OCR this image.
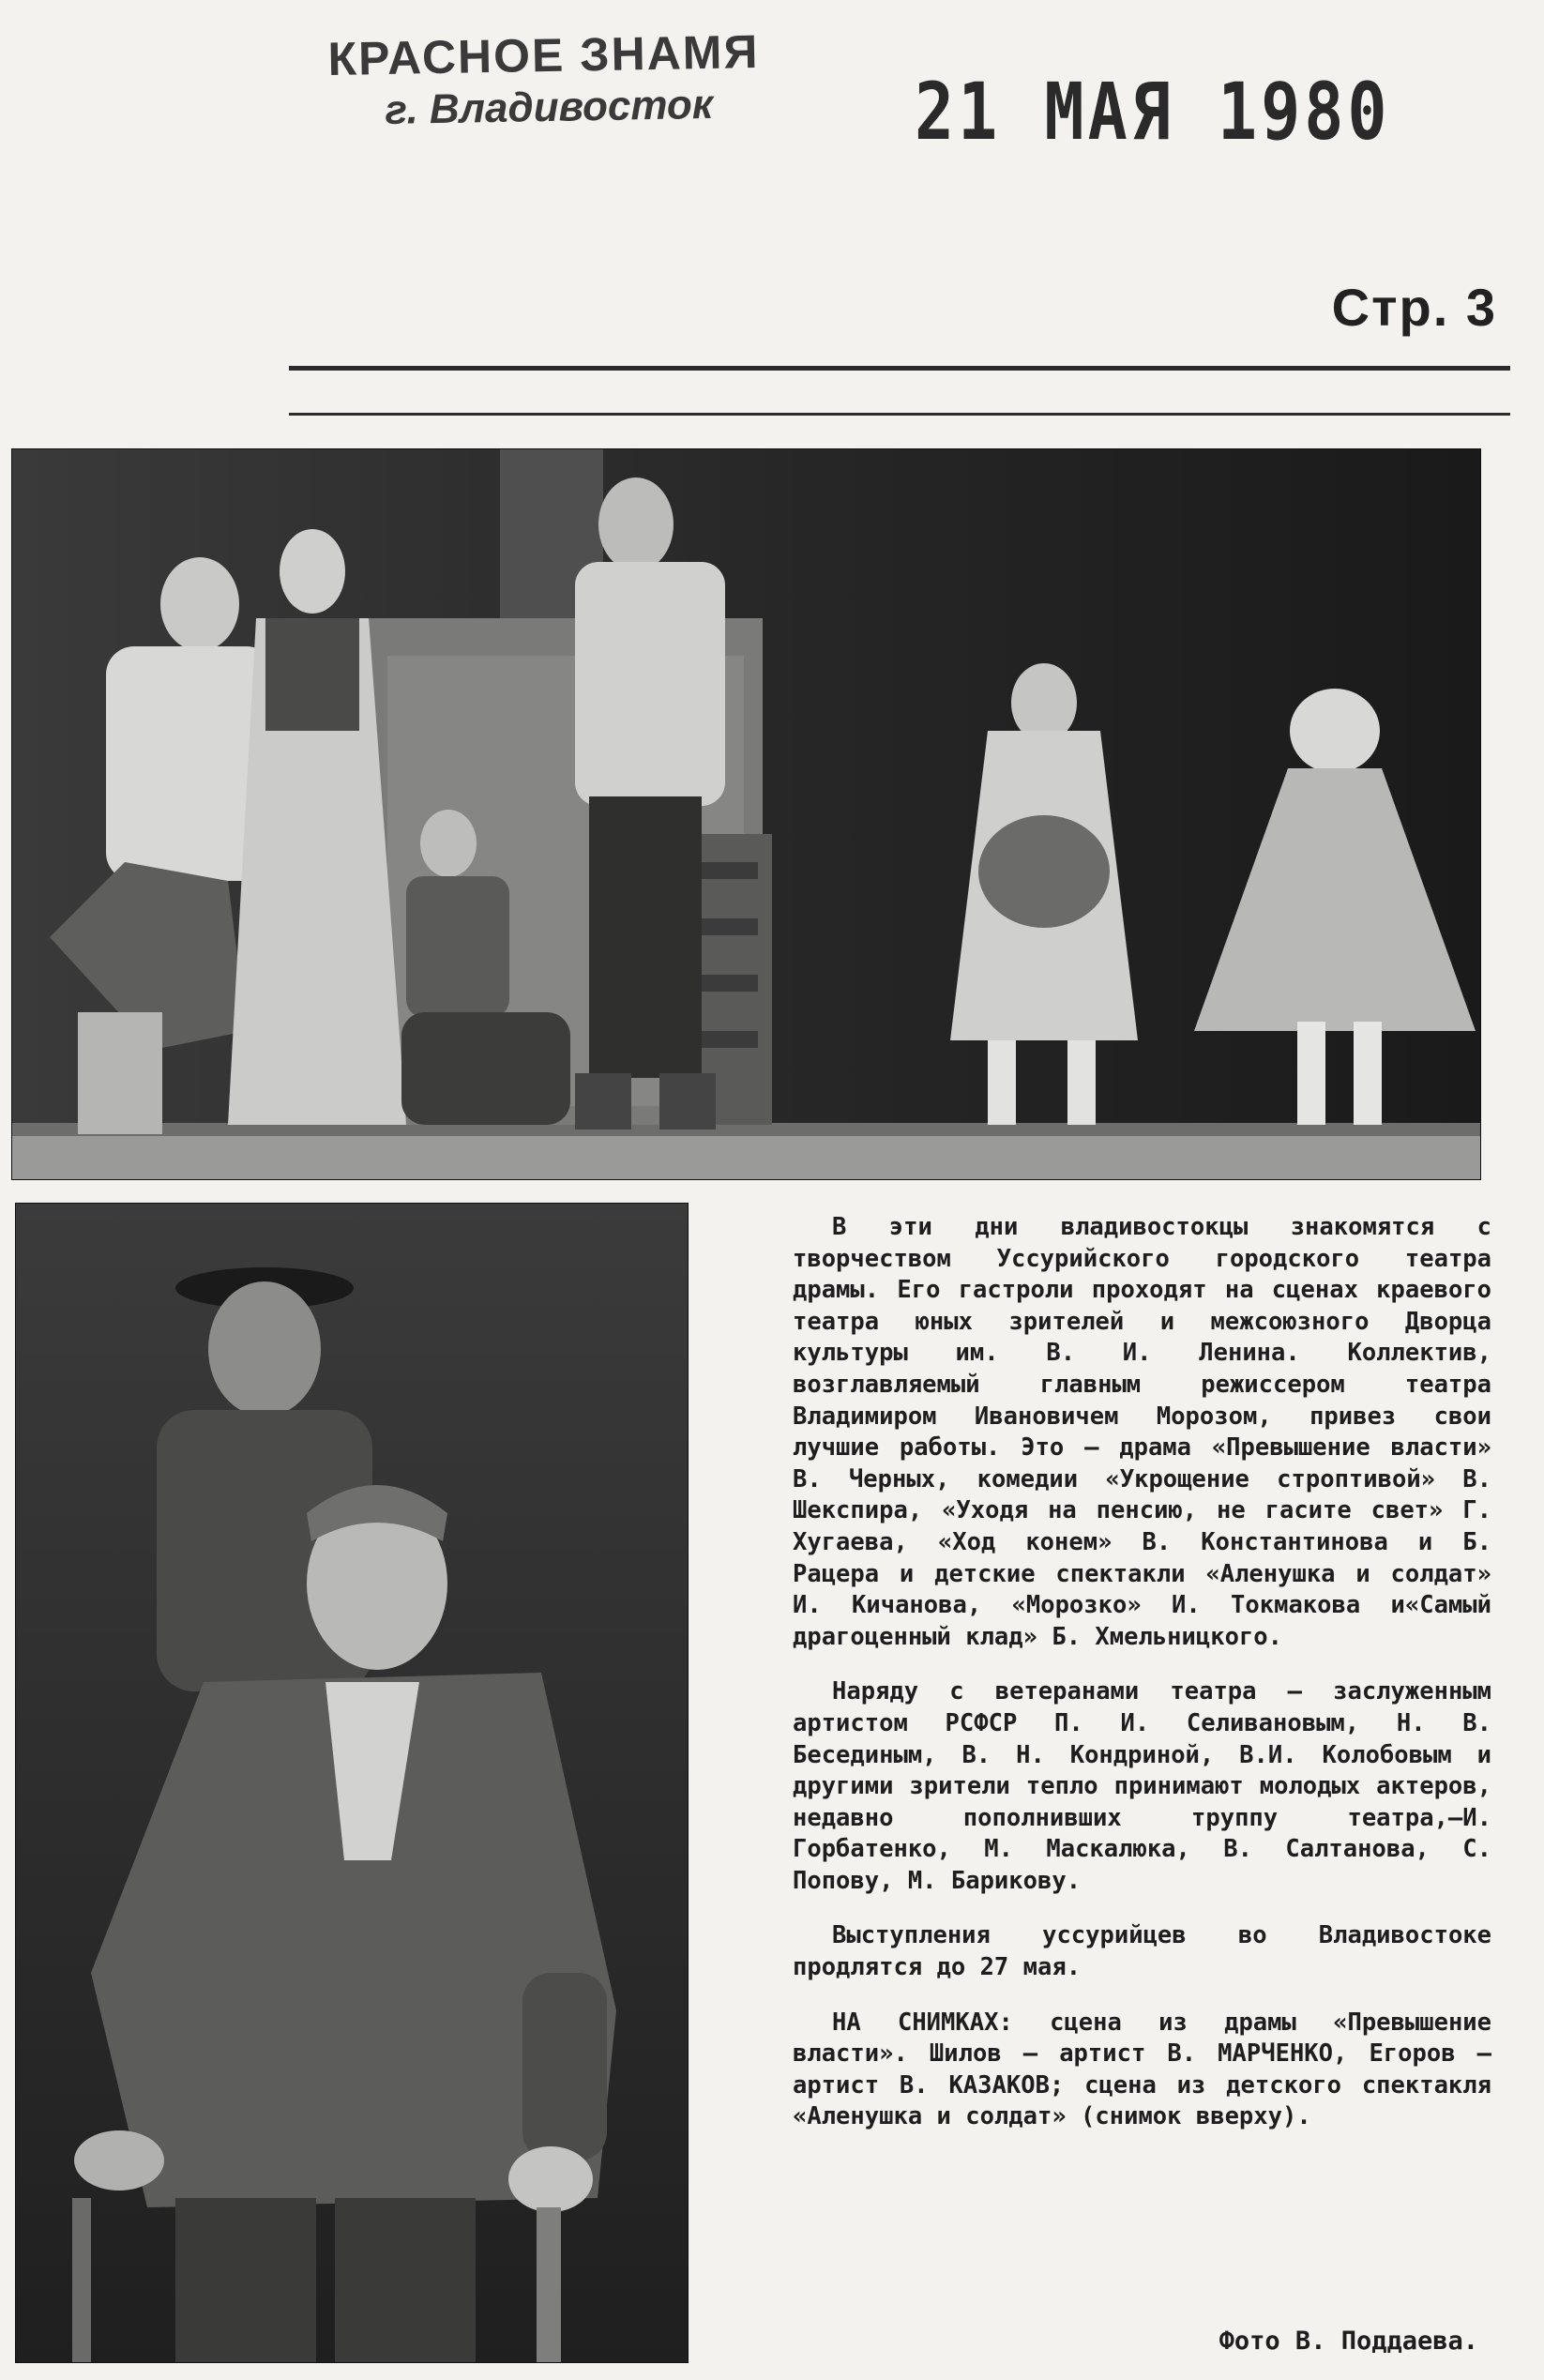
КРАСНОЕ ЗНАМЯ
г. Владивосток	21 МАЯ 1980
Стр. 3

В эти дни владивостокцы знакомятся с творчеством Уссурийского городского театра драмы. Его гастроли проходят на сценах краевого театра юных зрителей и межсоюзного Дворца культуры им. В. И. Ленина. Коллектив, возглавляемый главным режиссером театра Владимиром Ивановичем Морозом, привез свои лучшие работы. Это — драма «Превышение власти» В. Черных, комедии «Укрощение строптивой» В. Шекспира, «Уходя на пенсию, не гасите свет» Г. Хугаева, «Ход конем» В. Константинова и Б. Рацера и детские спектакли «Аленушка и солдат» И. Кичанова, «Морозко» И. Токмакова и«Самый драгоценный клад» Б. Хмельницкого.

Наряду с ветеранами театра — заслуженным артистом РСФСР П. И. Селивановым, Н. В. Бесединым, В. Н. Кондриной, В.И. Колобовым и другими зрители тепло принимают молодых актеров, недавно пополнивших труппу театра,—И. Горбатенко, М. Маскалюка, В. Салтанова, С. Попову, М. Барикову.

Выступления уссурийцев во Владивостоке продлятся до 27 мая.

НА СНИМКАХ: сцена из драмы «Превышение власти». Шилов — артист В. МАРЧЕНКО, Егоров — артист В. КАЗАКОВ; сцена из детского спектакля «Аленушка и солдат» (снимок вверху).

Фото В. Поддаева.
